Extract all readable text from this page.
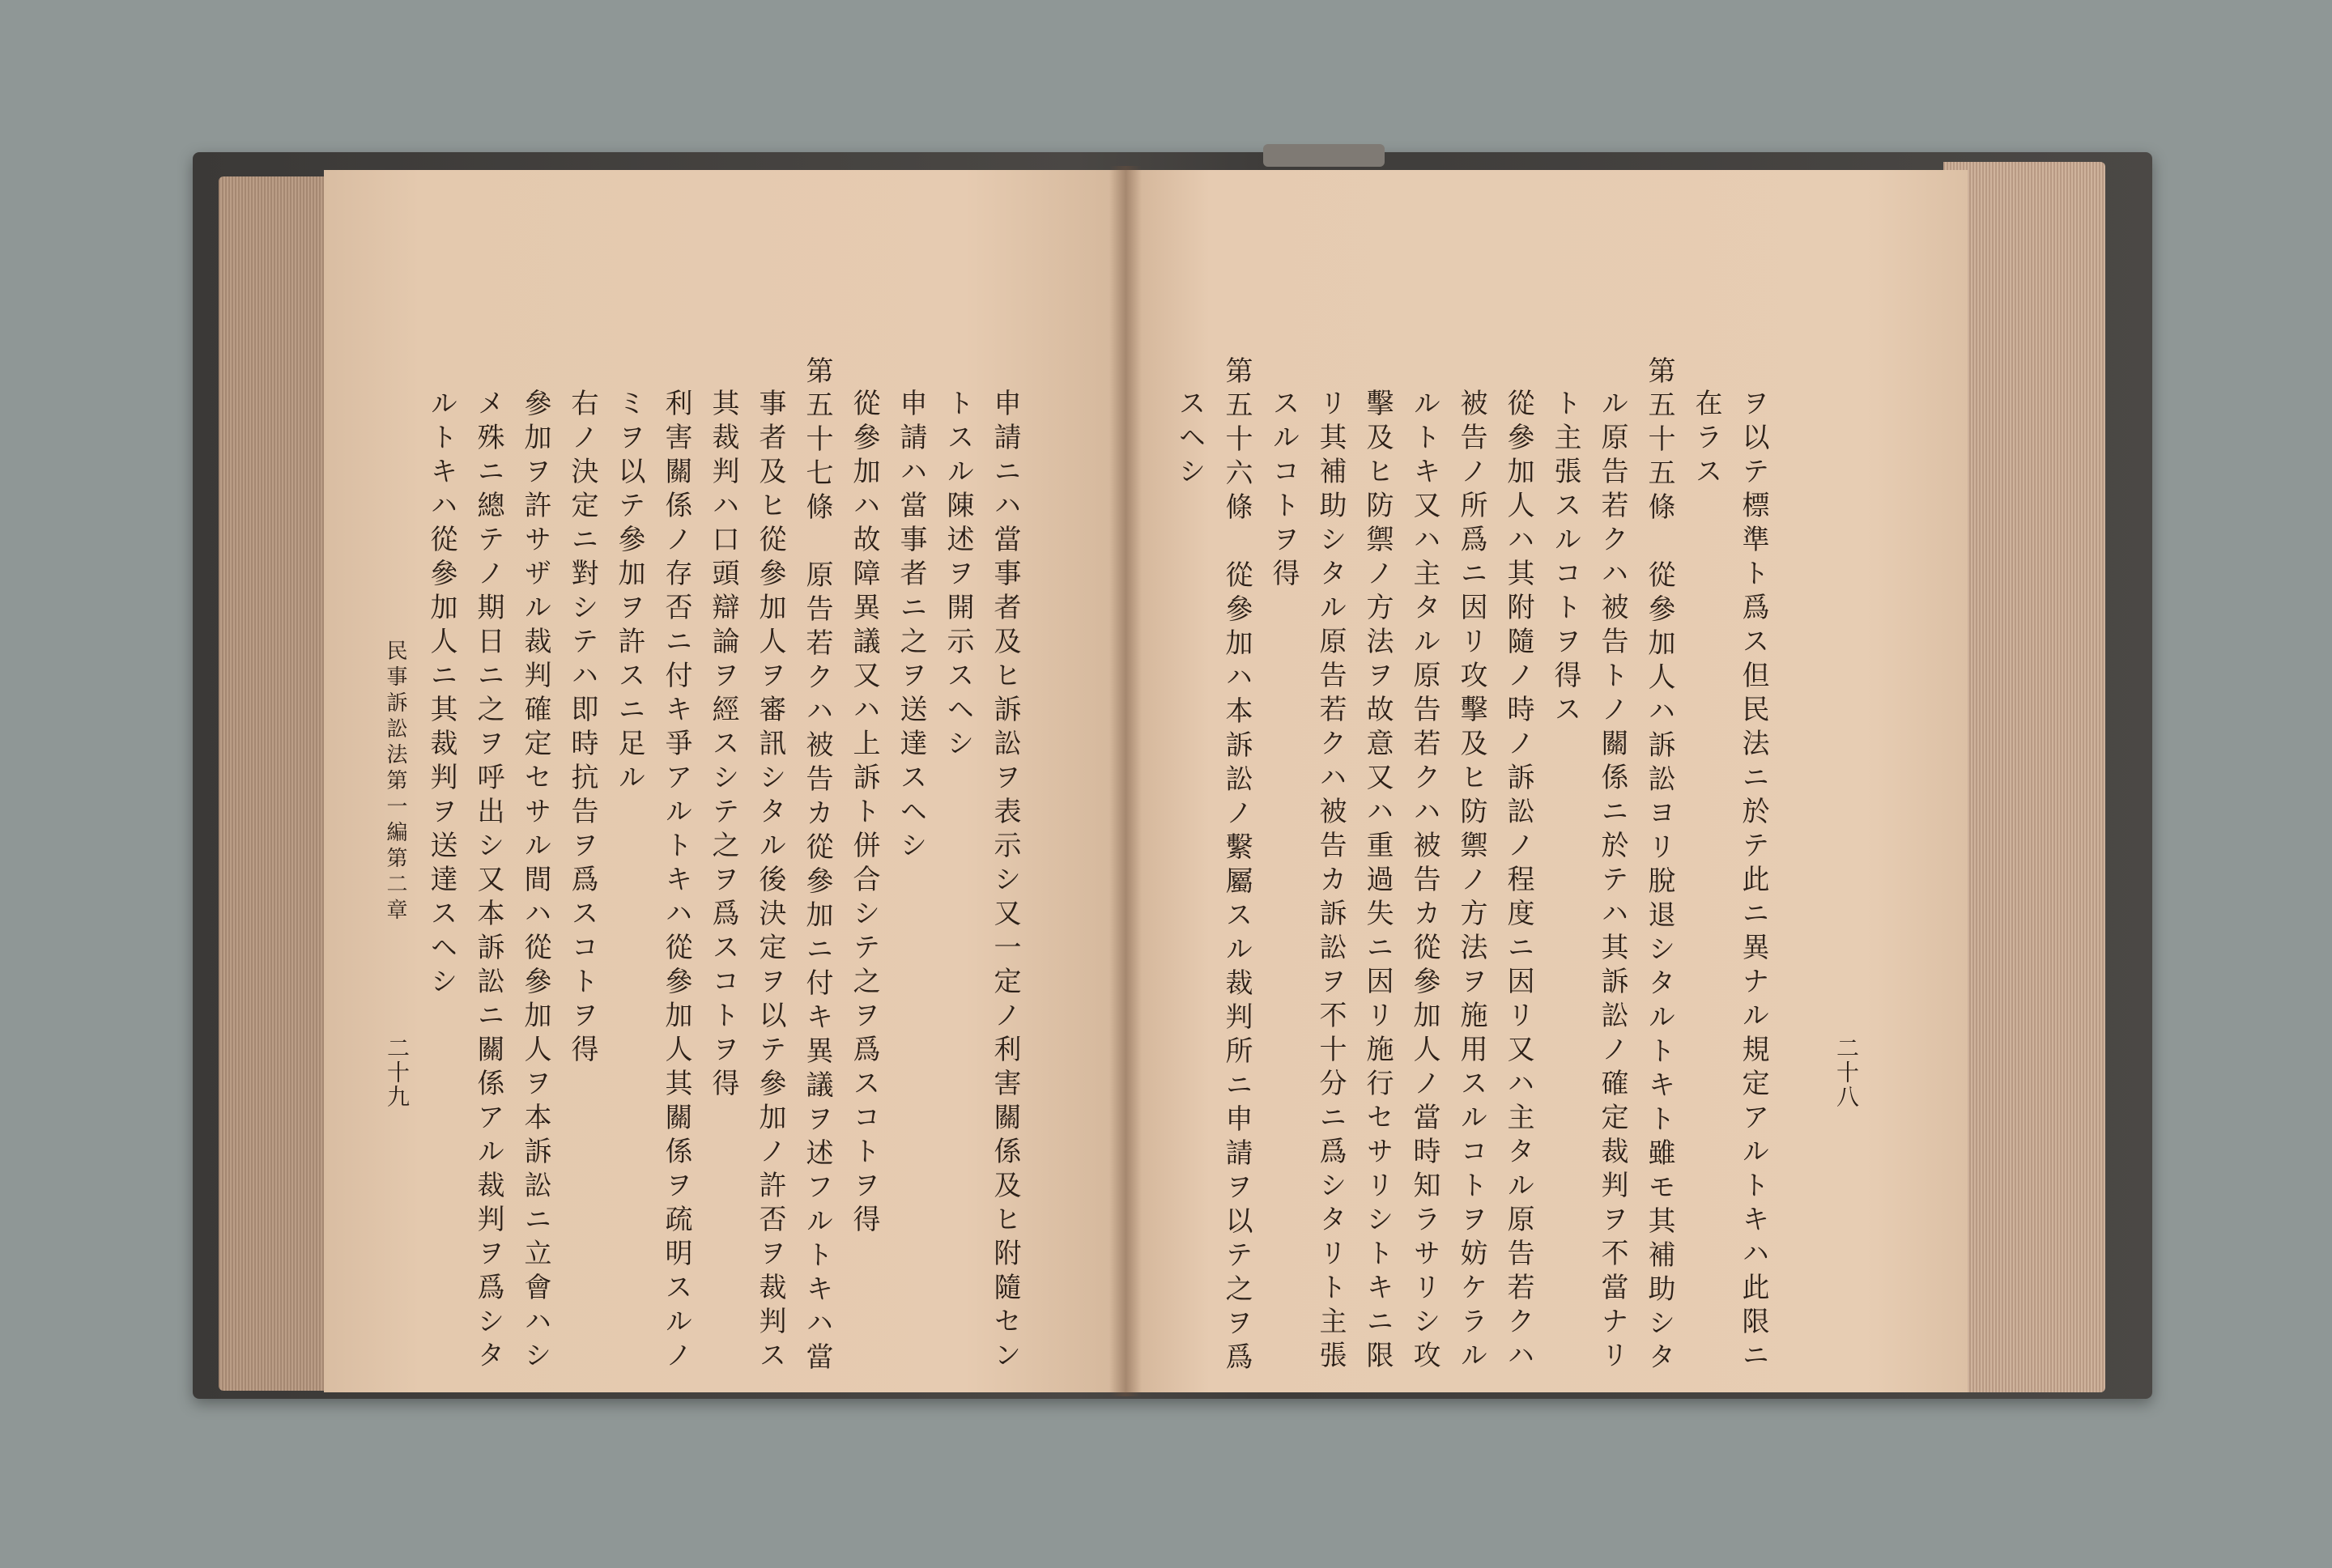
二十九
民事訴訟法第一編第二章 ルトキハ從參加人ニ其裁判ヲ送達スヘシ メ殊ニ總テノ期日ニ之ヲ呼出シ又本訴訟ニ關係アル裁判ヲ爲シタ 參加ヲ許サザル裁判確定セサル間ハ從參加人ヲ本訴訟ニ立會ハシ 右ノ決定ニ對シテハ即時抗告ヲ爲スコトヲ得 ミヲ以テ參加ヲ許スニ足ル 利害關係ノ存否ニ付キ爭アルトキハ從參加人其關係ヲ疏明スルノ 其裁判ハ口頭辯論ヲ經スシテ之ヲ爲スコトヲ得 事者及ヒ從參加人ヲ審訊シタル後決定ヲ以テ參加ノ許否ヲ裁判ス 第五十七條　原告若クハ被告カ從參加ニ付キ異議ヲ述フルトキハ當 從參加ハ故障異議又ハ上訴ト併合シテ之ヲ爲スコトヲ得 申請ハ當事者ニ之ヲ送達スヘシ トスル陳述ヲ開示スヘシ 申請ニハ當事者及ヒ訴訟ヲ表示シ又一定ノ利害關係及ヒ附隨セン	二十八
スヘシ 第五十六條　從參加ハ本訴訟ノ繫屬スル裁判所ニ申請ヲ以テ之ヲ爲 スルコトヲ得 リ其補助シタル原告若クハ被告カ訴訟ヲ不十分ニ爲シタリト主張 擊及ヒ防禦ノ方法ヲ故意又ハ重過失ニ因リ施行セサリシトキニ限 ルトキ又ハ主タル原告若クハ被告カ從參加人ノ當時知ラサリシ攻 被告ノ所爲ニ因リ攻擊及ヒ防禦ノ方法ヲ施用スルコトヲ妨ケラル 從參加人ハ其附隨ノ時ノ訴訟ノ程度ニ因リ又ハ主タル原告若クハ ト主張スルコトヲ得ス ル原告若クハ被告トノ關係ニ於テハ其訴訟ノ確定裁判ヲ不當ナリ 第五十五條　從參加人ハ訴訟ヨリ脫退シタルトキト雖モ其補助シタ 在ラス ヲ以テ標準ト爲ス但民法ニ於テ此ニ異ナル規定アルトキハ此限ニ
